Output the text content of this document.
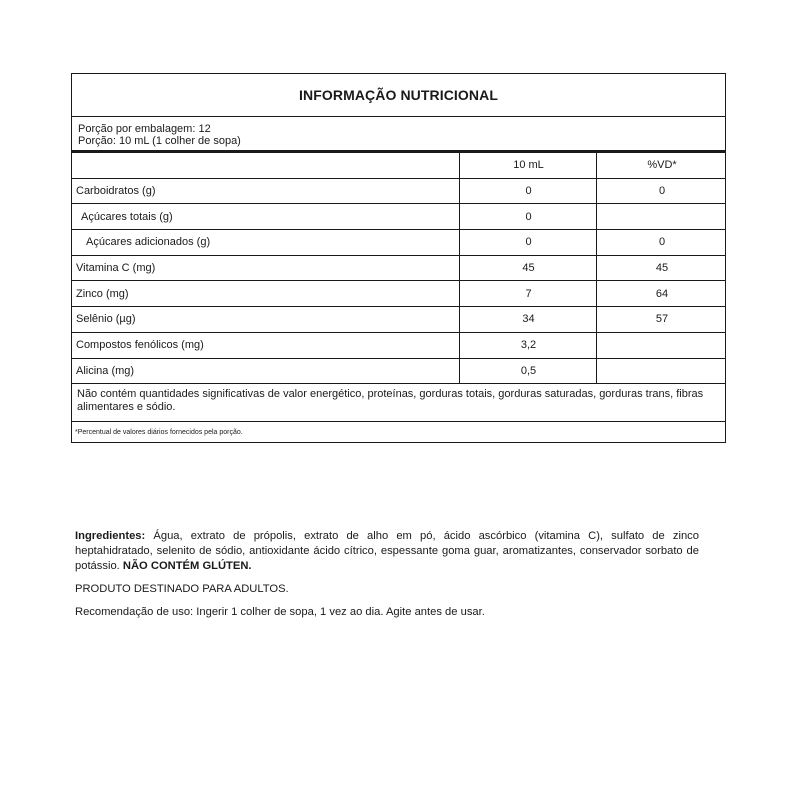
INFORMAÇÃO NUTRICIONAL
Porção por embalagem: 12
Porção: 10 mL (1 colher de sopa)
10 mL	%VD*
Carboidratos (g)	0	0
Açúcares totais (g)	0
Açúcares adicionados (g)	0	0
Vitamina C (mg)	45	45
Zinco (mg)	7	64
Selênio (µg)	34	57
Compostos fenólicos (mg)	3,2
Alicina (mg)	0,5
Não contém quantidades significativas de valor energético, proteínas, gorduras totais, gorduras saturadas, gorduras trans, fibras alimentares e sódio.
*Percentual de valores diários fornecidos pela porção.
Ingredientes: Água, extrato de própolis, extrato de alho em pó, ácido ascórbico (vitamina C), sulfato de zinco heptahidratado, selenito de sódio, antioxidante ácido cítrico, espessante goma guar, aromatizantes, conservador sorbato de potássio. NÃO CONTÉM GLÚTEN.
PRODUTO DESTINADO PARA ADULTOS.
Recomendação de uso: Ingerir 1 colher de sopa, 1 vez ao dia. Agite antes de usar.
